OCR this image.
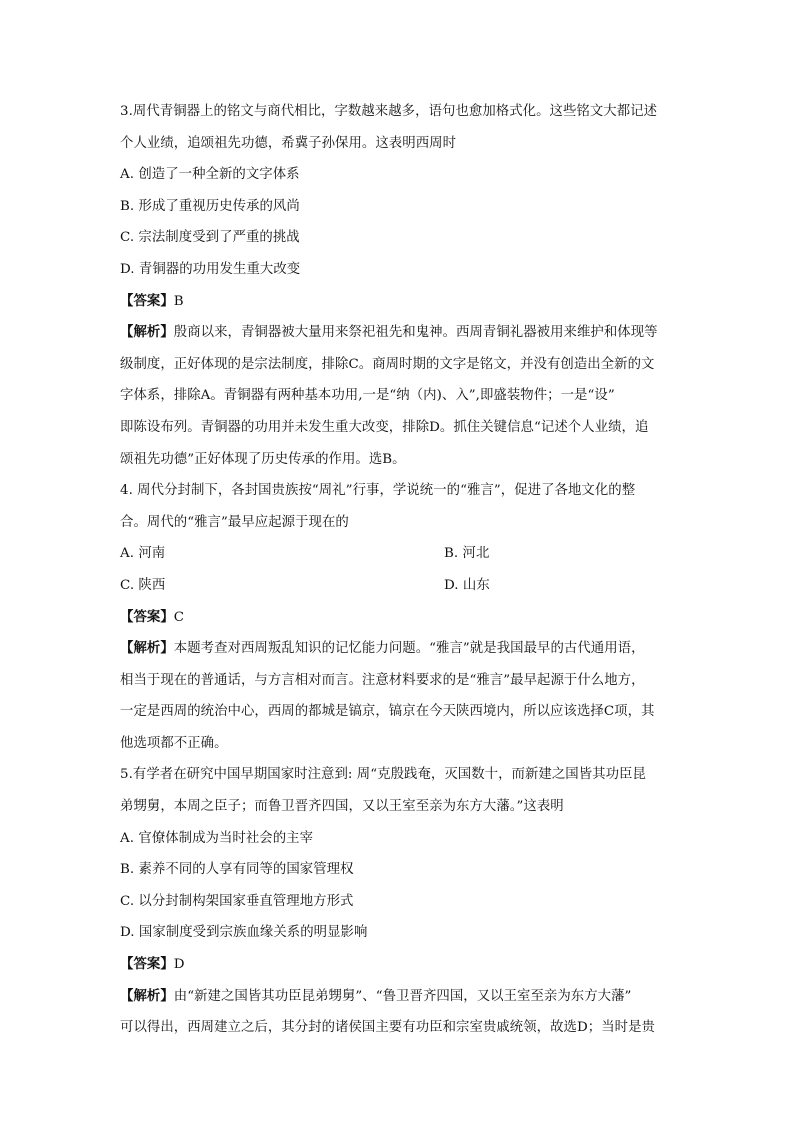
3.周代青铜器上的铭文与商代相比，字数越来越多，语句也愈加格式化。这些铭文大都记述
个人业绩，追颂祖先功德，希冀子孙保用。这表明西周时
A. 创造了一种全新的文字体系
B. 形成了重视历史传承的风尚
C. 宗法制度受到了严重的挑战
D. 青铜器的功用发生重大改变
【答案】B
【解析】殷商以来，青铜器被大量用来祭祀祖先和鬼神。西周青铜礼器被用来维护和体现等
级制度，正好体现的是宗法制度，排除C。商周时期的文字是铭文，并没有创造出全新的文
字体系，排除A。青铜器有两种基本功用,一是“纳（内)、入”,即盛装物件；一是“设”
即陈设布列。青铜器的功用并未发生重大改变，排除D。抓住关键信息“记述个人业绩，追
颂祖先功德”正好体现了历史传承的作用。选B。
4. 周代分封制下，各封国贵族按“周礼”行事，学说统一的“雅言”，促进了各地文化的整
合。周代的“雅言”最早应起源于现在的
A. 河南	B. 河北
C. 陕西	D. 山东
【答案】C
【解析】本题考查对西周叛乱知识的记忆能力问题。“雅言”就是我国最早的古代通用语，
相当于现在的普通话，与方言相对而言。注意材料要求的是“雅言”最早起源于什么地方，
一定是西周的统治中心，西周的都城是镐京，镐京在今天陕西境内，所以应该选择C项，其
他选项都不正确。
5.有学者在研究中国早期国家时注意到: 周“克殷践奄，灭国数十，而新建之国皆其功臣昆
弟甥舅，本周之臣子；而鲁卫晋齐四国，又以王室至亲为东方大藩。”这表明
A. 官僚体制成为当时社会的主宰
B. 素养不同的人享有同等的国家管理权
C. 以分封制构架国家垂直管理地方形式
D. 国家制度受到宗族血缘关系的明显影响
【答案】D
【解析】由“新建之国皆其功臣昆弟甥舅”、“鲁卫晋齐四国，又以王室至亲为东方大藩”
可以得出，西周建立之后，其分封的诸侯国主要有功臣和宗室贵戚统领，故选D；当时是贵
